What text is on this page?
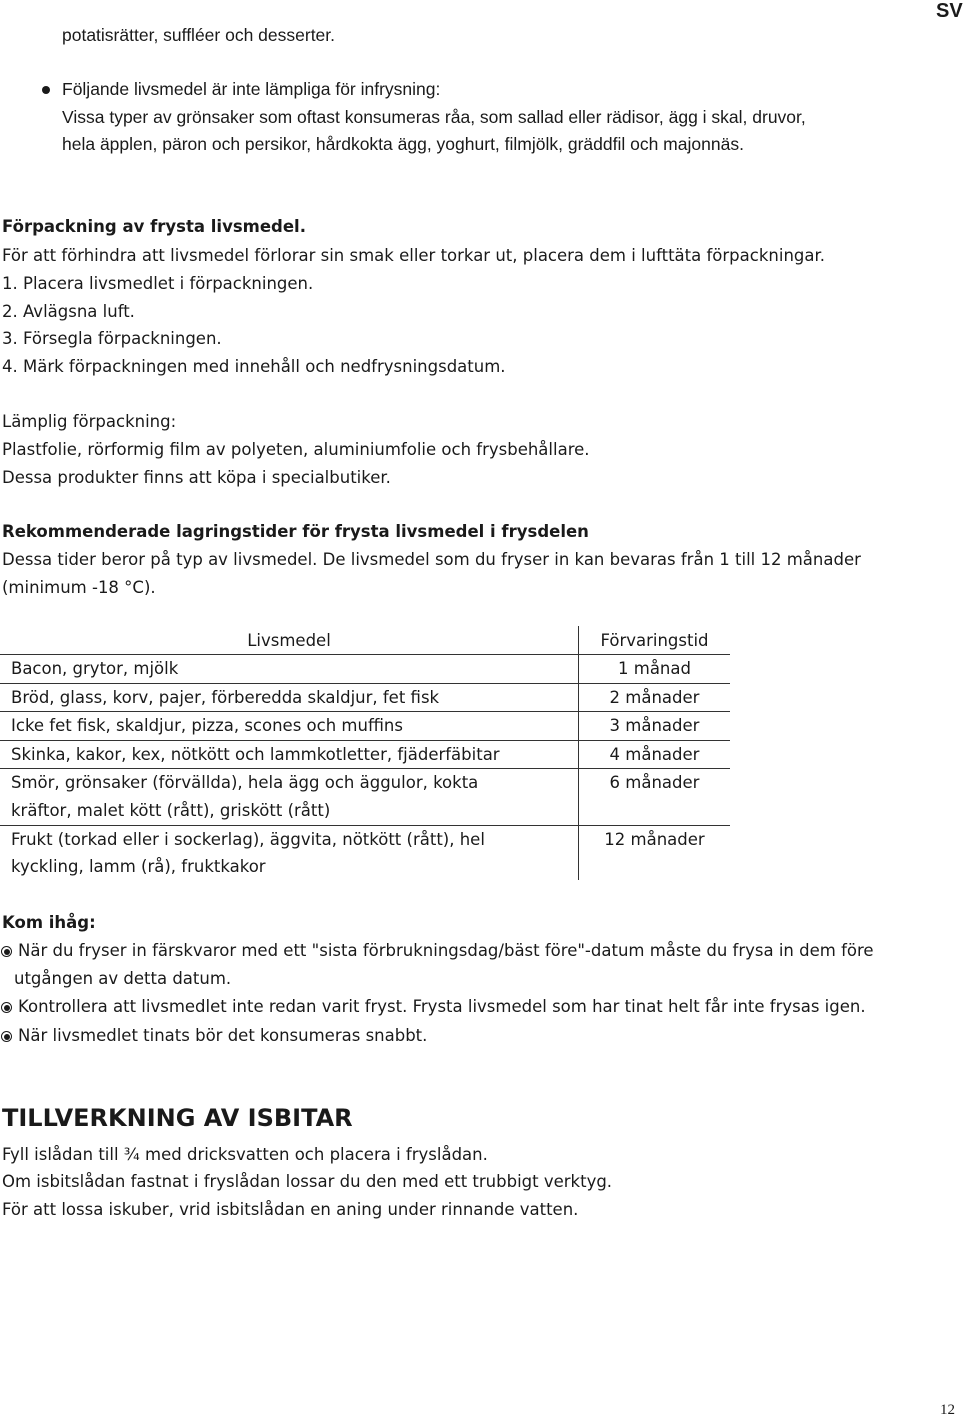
SV
potatisrätter, suffléer och desserter.
Följande livsmedel är inte lämpliga för infrysning:
Vissa typer av grönsaker som oftast konsumeras råa, som sallad eller rädisor, ägg i skal, druvor,
hela äpplen, päron och persikor, hårdkokta ägg, yoghurt, filmjölk, gräddfil och majonnäs.
Förpackning av frysta livsmedel.
För att förhindra att livsmedel förlorar sin smak eller torkar ut, placera dem i lufttäta förpackningar.
1. Placera livsmedlet i förpackningen.
2. Avlägsna luft.
3. Försegla förpackningen.
4. Märk förpackningen med innehåll och nedfrysningsdatum.
Lämplig förpackning:
Plastfolie, rörformig film av polyeten, aluminiumfolie och frysbehållare.
Dessa produkter finns att köpa i specialbutiker.
Rekommenderade lagringstider för frysta livsmedel i frysdelen
Dessa tider beror på typ av livsmedel. De livsmedel som du fryser in kan bevaras från 1 till 12 månader
(minimum -18 °C).
Livsmedel	Förvaringstid
Bacon, grytor, mjölk	1 månad
Bröd, glass, korv, pajer, förberedda skaldjur, fet fisk	2 månader
Icke fet fisk, skaldjur, pizza, scones och muffins	3 månader
Skinka, kakor, kex, nötkött och lammkotletter, fjäderfäbitar	4 månader
Smör, grönsaker (förvällda), hela ägg och äggulor, kokta
kräftor, malet kött (rått), griskött (rått)
6 månader
Frukt (torkad eller i sockerlag), äggvita, nötkött (rått), hel
kyckling, lamm (rå), fruktkakor
12 månader
Kom ihåg:
När du fryser in färskvaror med ett "sista förbrukningsdag/bäst före"-datum måste du frysa in dem före
utgången av detta datum.
Kontrollera att livsmedlet inte redan varit fryst. Frysta livsmedel som har tinat helt får inte frysas igen.
När livsmedlet tinats bör det konsumeras snabbt.
TILLVERKNING AV ISBITAR
Fyll islådan till ¾ med dricksvatten och placera i fryslådan.
Om isbitslådan fastnat i fryslådan lossar du den med ett trubbigt verktyg.
För att lossa iskuber, vrid isbitslådan en aning under rinnande vatten.
12
